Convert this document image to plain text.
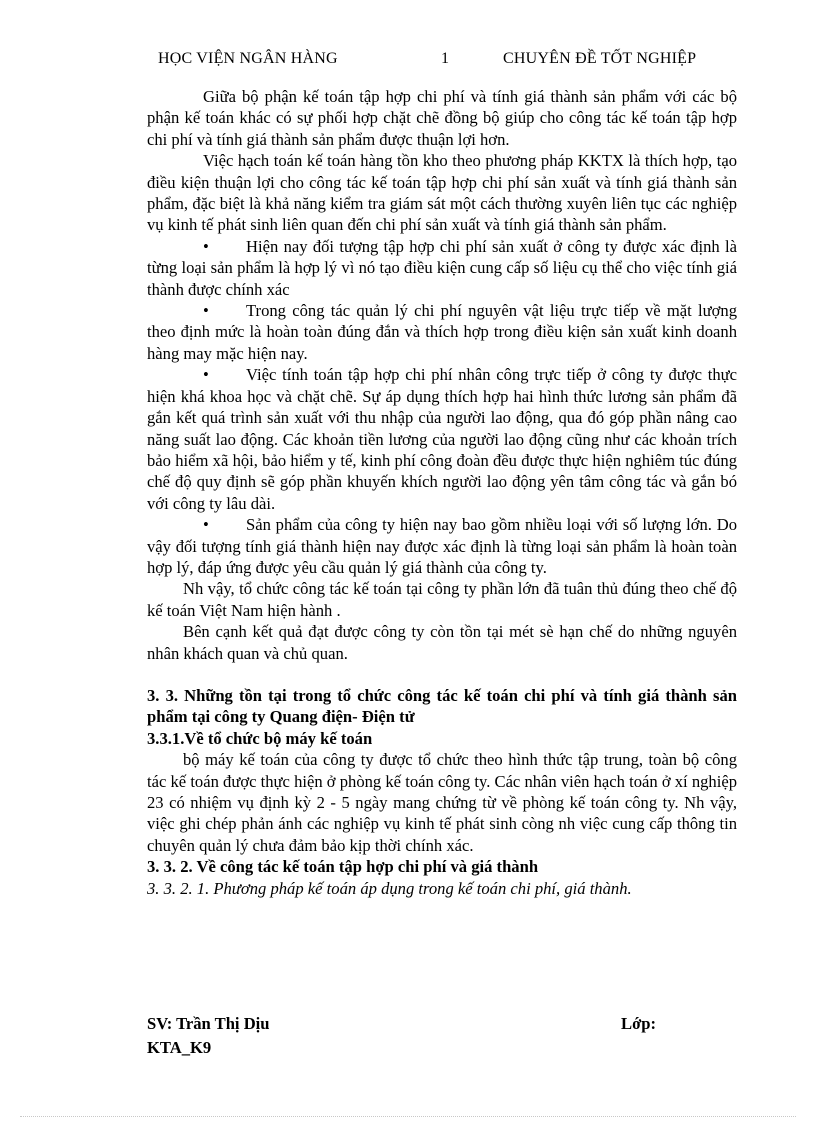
HỌC VIỆN NGÂN HÀNG	1	CHUYÊN ĐỀ TỐT NGHIỆP

Giữa bộ phận kế toán tập hợp chi phí và tính giá thành sản phẩm với các bộ phận kế toán khác có sự phối hợp chặt chẽ đồng bộ giúp cho công tác kế toán tập hợp chi phí và tính giá thành sản phẩm được thuận lợi hơn.

Việc hạch toán kế toán hàng tồn kho theo phương pháp KKTX là thích hợp, tạo điều kiện thuận lợi cho công tác kế toán tập hợp chi phí sản xuất và tính giá thành sản phẩm, đặc biệt là khả năng kiểm tra giám sát một cách thường xuyên liên tục các nghiệp vụ kinh tế phát sinh liên quan đến chi phí sản xuất và tính giá thành sản phẩm.

• Hiện nay đối tượng tập hợp chi phí sản xuất ở công ty được xác định là từng loại sản phẩm là hợp lý vì nó tạo điều kiện cung cấp số liệu cụ thể cho việc tính giá thành được chính xác

• Trong công tác quản lý chi phí nguyên vật liệu trực tiếp về mặt lượng theo định mức là hoàn toàn đúng đắn và thích hợp trong điều kiện sản xuất kinh doanh hàng may mặc hiện nay.

• Việc tính toán tập hợp chi phí nhân công trực tiếp ở công ty được thực hiện khá khoa học và chặt chẽ. Sự áp dụng thích hợp hai hình thức lương sản phẩm đã gắn kết quá trình sản xuất với thu nhập của người lao động, qua đó góp phần nâng cao năng suất lao động. Các khoản tiền lương của người lao động cũng như các khoản trích bảo hiểm xã hội, bảo hiểm y tế, kinh phí công đoàn đều được thực hiện nghiêm túc đúng chế độ quy định sẽ góp phần khuyến khích người lao động yên tâm công tác và gắn bó với công ty lâu dài.

• Sản phẩm của công ty hiện nay bao gồm nhiều loại với số lượng lớn. Do vậy đối tượng tính giá thành hiện nay được xác định là từng loại sản phẩm là hoàn toàn hợp lý, đáp ứng được yêu cầu quản lý giá thành của công ty.

Nh vậy, tổ chức công tác kế toán tại công ty phần lớn đã tuân thủ đúng theo chế độ kế toán Việt Nam hiện hành .

Bên cạnh kết quả đạt được công ty còn tồn tại mét sè hạn chế do những nguyên nhân khách quan và chủ quan.

3. 3. Những tồn tại trong tổ chức công tác kế toán chi phí và tính giá thành sản phẩm tại công ty Quang điện- Điện tử

3.3.1.Về tổ chức bộ máy kế toán

bộ máy kế toán của công ty được tổ chức theo hình thức tập trung, toàn bộ công tác kế toán được thực hiện ở phòng kế toán công ty. Các nhân viên hạch toán ở xí nghiệp 23 có nhiệm vụ định kỳ 2 - 5 ngày mang chứng từ về phòng kế toán công ty. Nh vậy, việc ghi chép phản ánh các nghiệp vụ kinh tế phát sinh còng nh việc cung cấp thông tin chuyên quản lý chưa đảm bảo kịp thời chính xác.

3. 3. 2. Về công tác kế toán tập hợp chi phí và giá thành

3. 3. 2. 1. Phương pháp kế toán áp dụng trong kế toán chi phí, giá thành.

SV: Trần Thị Dịu	Lớp:
KTA_K9
